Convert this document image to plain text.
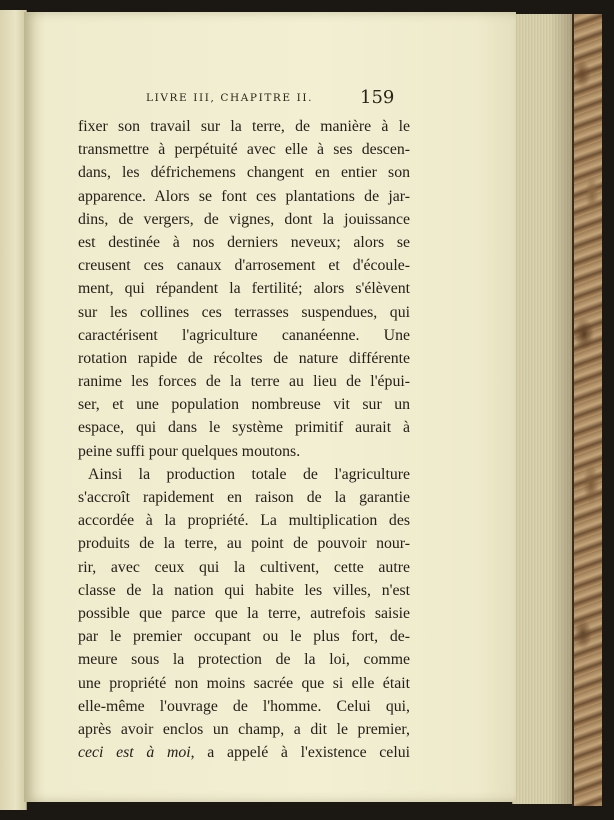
LIVRE III, CHAPITRE II.	159
fixer son travail sur la terre, de manière à le
transmettre à perpétuité avec elle à ses descen-
dans, les défrichemens changent en entier son
apparence. Alors se font ces plantations de jar-
dins, de vergers, de vignes, dont la jouissance
est destinée à nos derniers neveux; alors se
creusent ces canaux d'arrosement et d'écoule-
ment, qui répandent la fertilité; alors s'élèvent
sur les collines ces terrasses suspendues, qui
caractérisent l'agriculture cananéenne. Une
rotation rapide de récoltes de nature différente
ranime les forces de la terre au lieu de l'épui-
ser, et une population nombreuse vit sur un
espace, qui dans le système primitif aurait à
peine suffi pour quelques moutons.
Ainsi la production totale de l'agriculture
s'accroît rapidement en raison de la garantie
accordée à la propriété. La multiplication des
produits de la terre, au point de pouvoir nour-
rir, avec ceux qui la cultivent, cette autre
classe de la nation qui habite les villes, n'est
possible que parce que la terre, autrefois saisie
par le premier occupant ou le plus fort, de-
meure sous la protection de la loi, comme
une propriété non moins sacrée que si elle était
elle-même l'ouvrage de l'homme. Celui qui,
après avoir enclos un champ, a dit le premier,
ceci est à moi, a appelé à l'existence celui
